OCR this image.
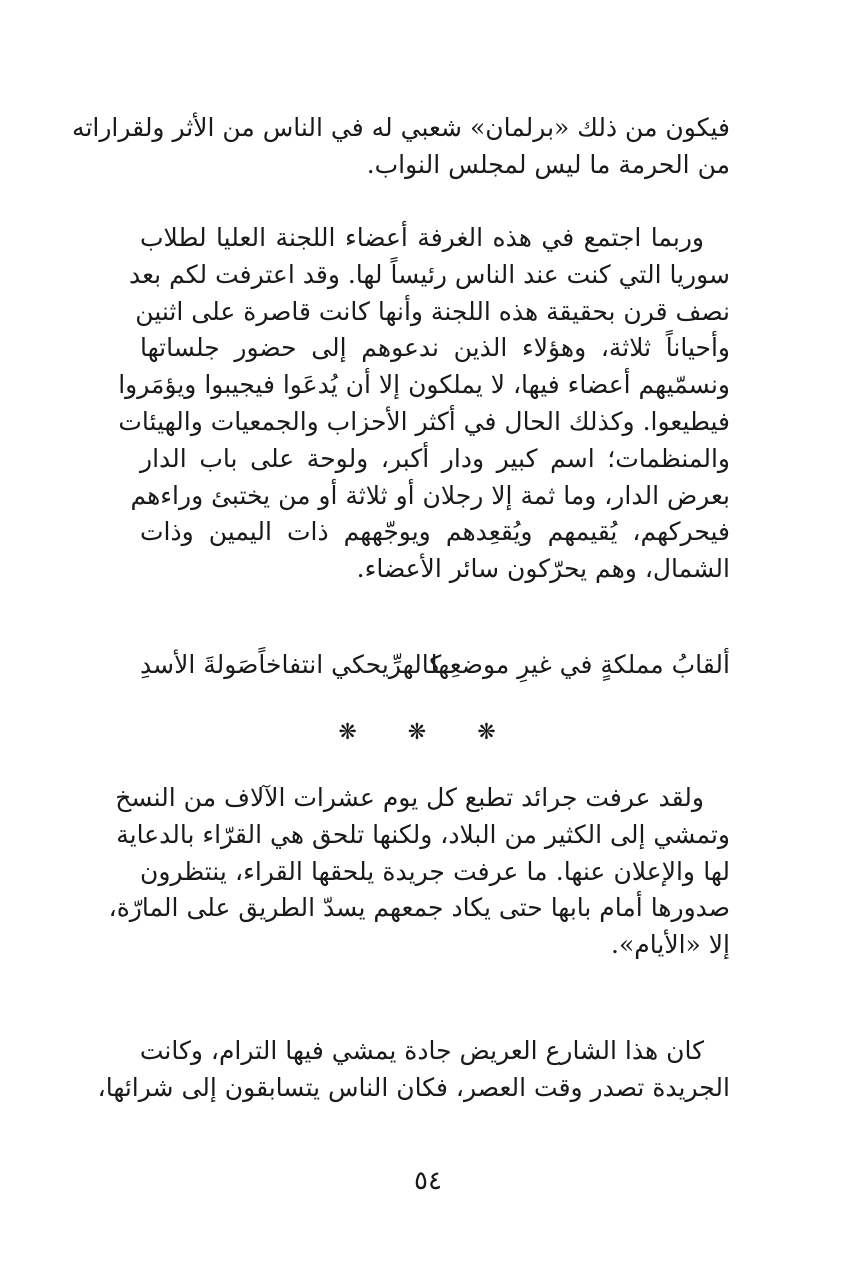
فيكون من ذلك «برلمان» شعبي له في الناس من الأثر ولقراراته
من الحرمة ما ليس لمجلس النواب.
وربما اجتمع في هذه الغرفة أعضاء اللجنة العليا لطلاب
سوريا التي كنت عند الناس رئيساً لها. وقد اعترفت لكم بعد
نصف قرن بحقيقة هذه اللجنة وأنها كانت قاصرة على اثنين
وأحياناً ثلاثة، وهؤلاء الذين ندعوهم إلى حضور جلساتها
ونسمّيهم أعضاء فيها، لا يملكون إلا أن يُدعَوا فيجيبوا ويؤمَروا
فيطيعوا. وكذلك الحال في أكثر الأحزاب والجمعيات والهيئات
والمنظمات؛ اسم كبير ودار أكبر، ولوحة على باب الدار
بعرض الدار، وما ثمة إلا رجلان أو ثلاثة أو من يختبئ وراءهم
فيحركهم، يُقيمهم ويُقعِدهم ويوجّههم ذات اليمين وذات
الشمال، وهم يحرّكون سائر الأعضاء.
ألقابُ مملكةٍ في غيرِ موضعِها
كالهرِّيحكي انتفاخاًصَولةَ الأسدِ
❋ ❋ ❋
ولقد عرفت جرائد تطبع كل يوم عشرات الآلاف من النسخ
وتمشي إلى الكثير من البلاد، ولكنها تلحق هي القرّاء بالدعاية
لها والإعلان عنها. ما عرفت جريدة يلحقها القراء، ينتظرون
صدورها أمام بابها حتى يكاد جمعهم يسدّ الطريق على المارّة،
إلا «الأيام».
كان هذا الشارع العريض جادة يمشي فيها الترام، وكانت
الجريدة تصدر وقت العصر، فكان الناس يتسابقون إلى شرائها،
٥٤
